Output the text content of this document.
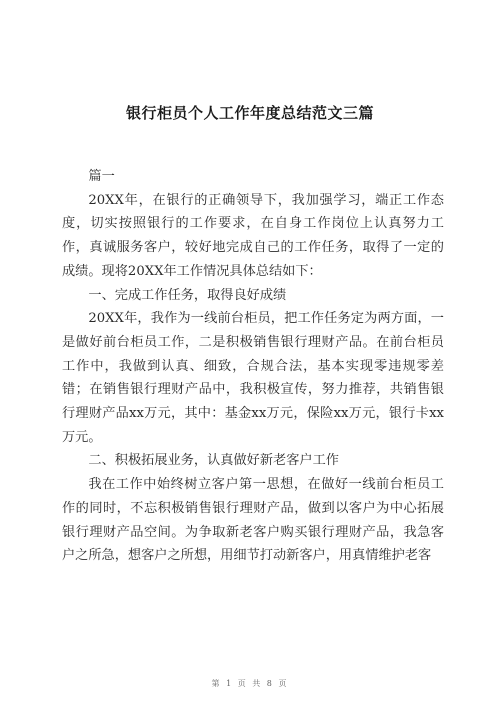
银行柜员个人工作年度总结范文三篇

篇一

20XX年，在银行的正确领导下，我加强学习，端正工作态度，切实按照银行的工作要求，在自身工作岗位上认真努力工作，真诚服务客户，较好地完成自己的工作任务，取得了一定的成绩。现将20XX年工作情况具体总结如下：

一、完成工作任务，取得良好成绩

20XX年，我作为一线前台柜员，把工作任务定为两方面，一是做好前台柜员工作，二是积极销售银行理财产品。在前台柜员工作中，我做到认真、细致，合规合法，基本实现零违规零差错；在销售银行理财产品中，我积极宣传，努力推荐，共销售银行理财产品xx万元，其中：基金xx万元，保险xx万元，银行卡xx万元。

二、积极拓展业务，认真做好新老客户工作

我在工作中始终树立客户第一思想，在做好一线前台柜员工作的同时，不忘积极销售银行理财产品，做到以客户为中心拓展银行理财产品空间。为争取新老客户购买银行理财产品，我急客户之所急，想客户之所想，用细节打动新客户，用真情维护老客

第 1 页 共 8 页
